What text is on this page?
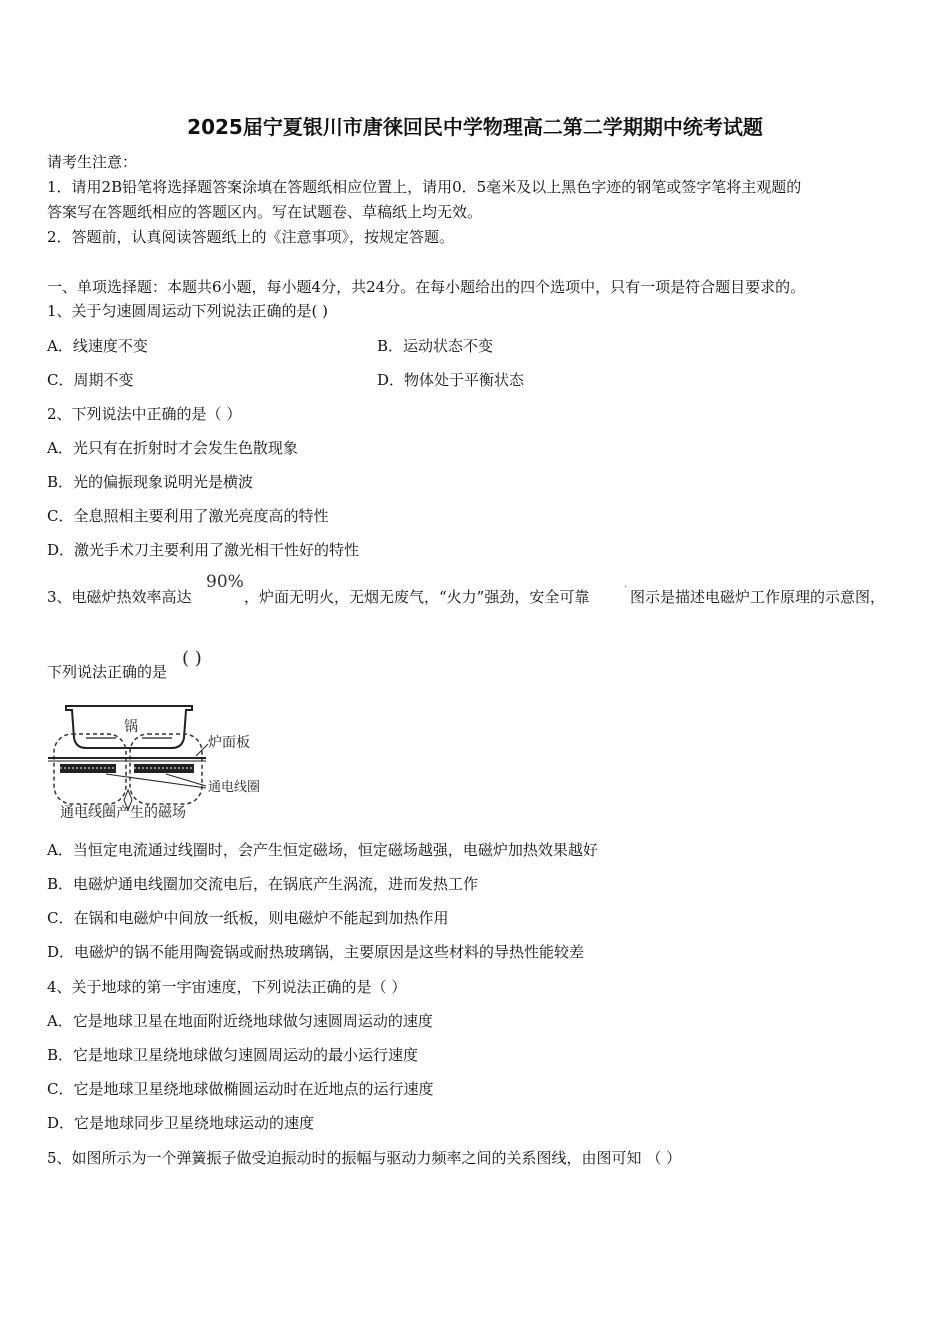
2025届宁夏银川市唐徕回民中学物理高二第二学期期中统考试题
请考生注意：
1．请用2B铅笔将选择题答案涂填在答题纸相应位置上，请用0．5毫米及以上黑色字迹的钢笔或签字笔将主观题的
答案写在答题纸相应的答题区内。写在试题卷、草稿纸上均无效。
2．答题前，认真阅读答题纸上的《注意事项》，按规定答题。
一、单项选择题：本题共6小题，每小题4分，共24分。在每小题给出的四个选项中，只有一项是符合题目要求的。
1、关于匀速圆周运动下列说法正确的是( )
A．线速度不变	B．运动状态不变
C．周期不变	D．物体处于平衡状态
2、下列说法中正确的是（ ）
A．光只有在折射时才会发生色散现象
B．光的偏振现象说明光是横波
C．全息照相主要利用了激光亮度高的特性
D．激光手术刀主要利用了激光相干性好的特性
3、电磁炉热效率高达
90%
，炉面无明火，无烟无废气，“火力”强劲，安全可靠
·
图示是描述电磁炉工作原理的示意图，
下列说法正确的是
( )
锅
炉面板
通电线圈
通电线圈产生的磁场
A．当恒定电流通过线圈时，会产生恒定磁场，恒定磁场越强，电磁炉加热效果越好
B．电磁炉通电线圈加交流电后，在锅底产生涡流，进而发热工作
C．在锅和电磁炉中间放一纸板，则电磁炉不能起到加热作用
D．电磁炉的锅不能用陶瓷锅或耐热玻璃锅，主要原因是这些材料的导热性能较差
4、关于地球的第一宇宙速度，下列说法正确的是（ ）
A．它是地球卫星在地面附近绕地球做匀速圆周运动的速度
B．它是地球卫星绕地球做匀速圆周运动的最小运行速度
C．它是地球卫星绕地球做椭圆运动时在近地点的运行速度
D．它是地球同步卫星绕地球运动的速度
5、如图所示为一个弹簧振子做受迫振动时的振幅与驱动力频率之间的关系图线，由图可知 （ ）
